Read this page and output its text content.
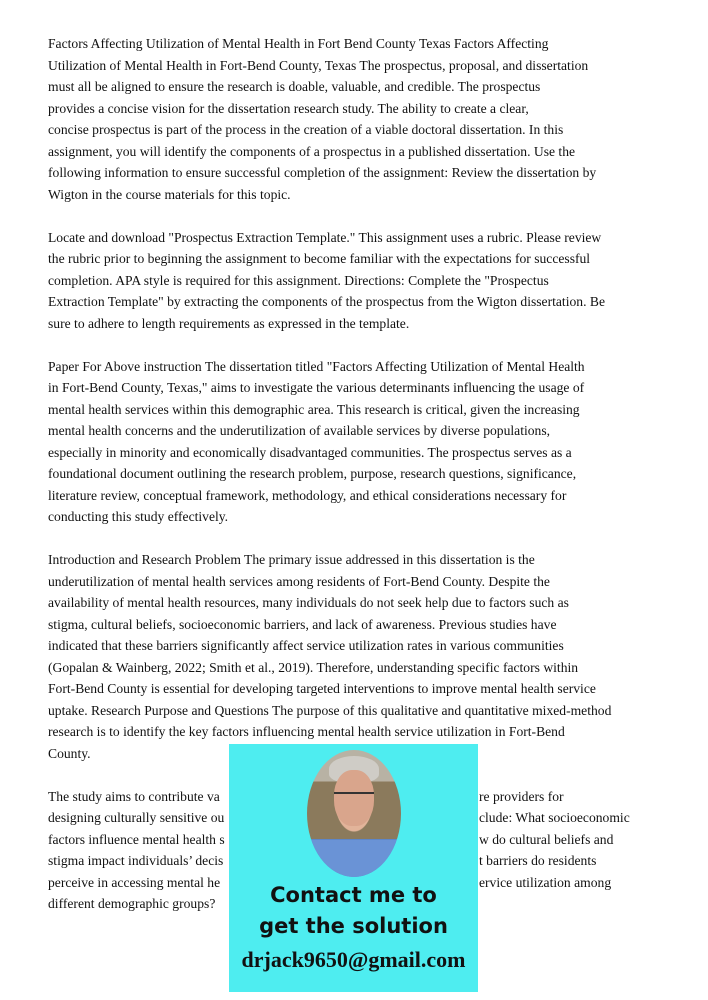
Factors Affecting Utilization of Mental Health in Fort Bend County Texas Factors Affecting
Utilization of Mental Health in Fort-Bend County, Texas The prospectus, proposal, and dissertation
must all be aligned to ensure the research is doable, valuable, and credible. The prospectus
provides a concise vision for the dissertation research study. The ability to create a clear,
concise prospectus is part of the process in the creation of a viable doctoral dissertation. In this
assignment, you will identify the components of a prospectus in a published dissertation. Use the
following information to ensure successful completion of the assignment: Review the dissertation by
Wigton in the course materials for this topic.
Locate and download "Prospectus Extraction Template." This assignment uses a rubric. Please review
the rubric prior to beginning the assignment to become familiar with the expectations for successful
completion. APA style is required for this assignment. Directions: Complete the "Prospectus
Extraction Template" by extracting the components of the prospectus from the Wigton dissertation. Be
sure to adhere to length requirements as expressed in the template.
Paper For Above instruction The dissertation titled "Factors Affecting Utilization of Mental Health
in Fort-Bend County, Texas," aims to investigate the various determinants influencing the usage of
mental health services within this demographic area. This research is critical, given the increasing
mental health concerns and the underutilization of available services by diverse populations,
especially in minority and economically disadvantaged communities. The prospectus serves as a
foundational document outlining the research problem, purpose, research questions, significance,
literature review, conceptual framework, methodology, and ethical considerations necessary for
conducting this study effectively.
Introduction and Research Problem The primary issue addressed in this dissertation is the
underutilization of mental health services among residents of Fort-Bend County. Despite the
availability of mental health resources, many individuals do not seek help due to factors such as
stigma, cultural beliefs, socioeconomic barriers, and lack of awareness. Previous studies have
indicated that these barriers significantly affect service utilization rates in various communities
(Gopalan & Wainberg, 2022; Smith et al., 2019). Therefore, understanding specific factors within
Fort-Bend County is essential for developing targeted interventions to improve mental health service
uptake. Research Purpose and Questions The purpose of this qualitative and quantitative mixed-method
research is to identify the key factors influencing mental health service utilization in Fort-Bend
County.
The study aims to contribute va	re providers for
designing culturally sensitive ou	clude: What socioeconomic
factors influence mental health s	w do cultural beliefs and
stigma impact individuals’ decis	t barriers do residents
perceive in accessing mental he	ervice utilization among
different demographic groups?	Contact me to
get the solution
drjack9650@gmail.com
